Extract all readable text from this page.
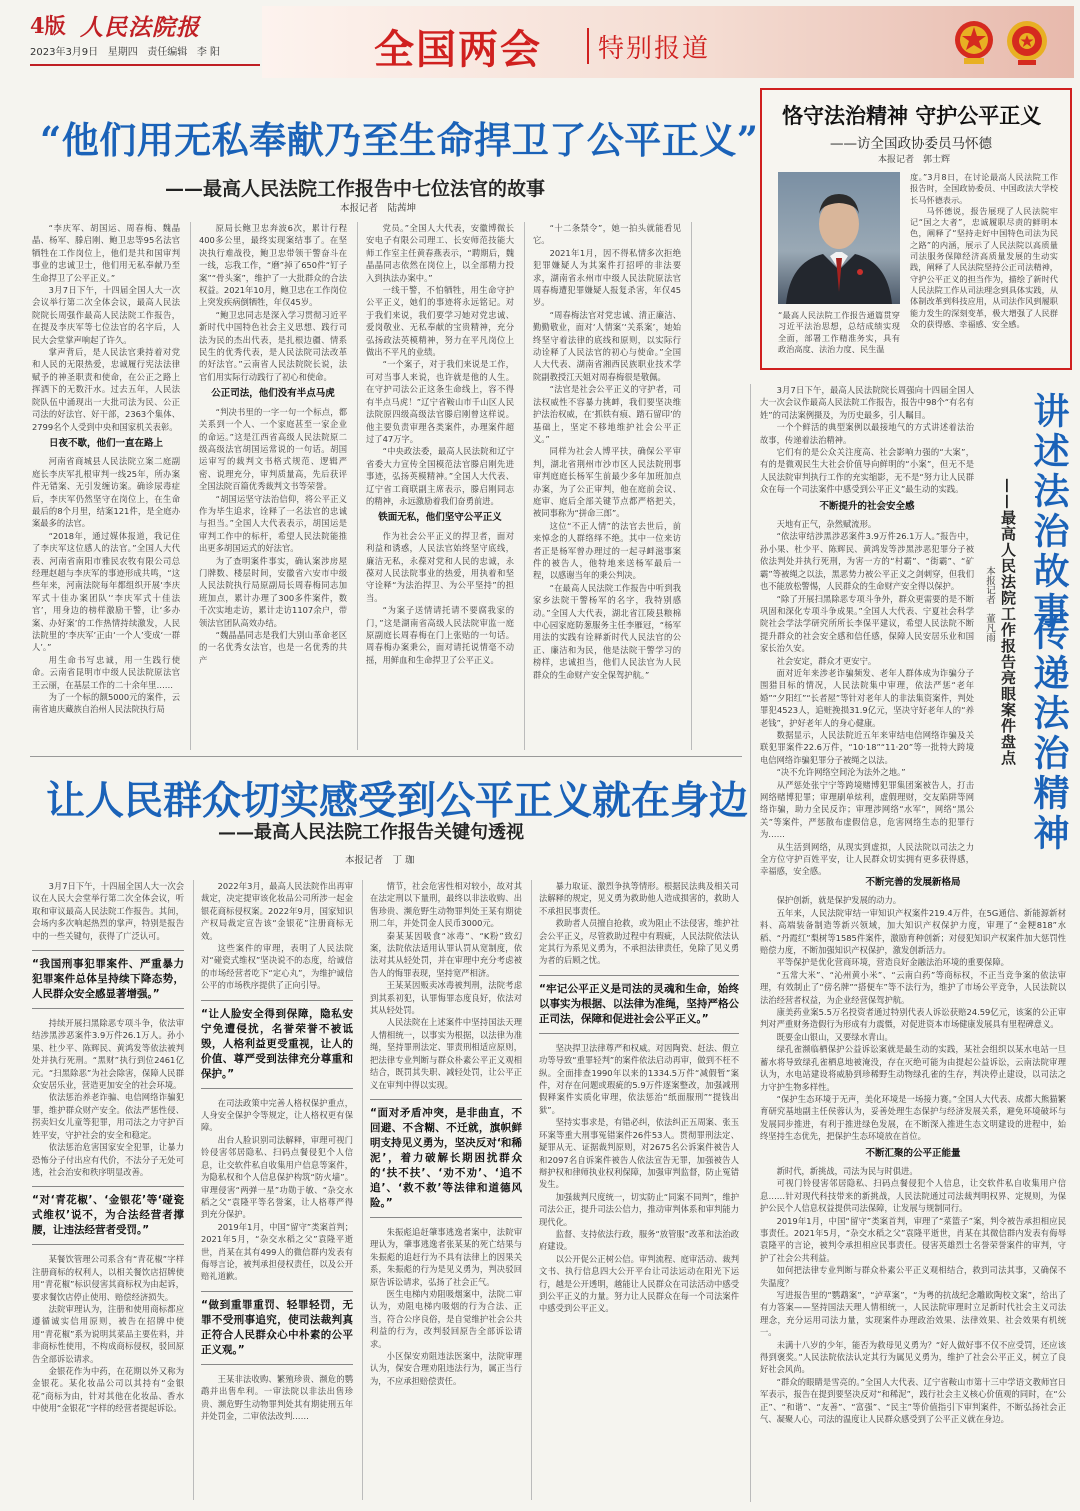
4版 人民法院报
2023年3月9日 星期四 责任编辑 李 阳	全国两会 特别报道
“他们用无私奉献乃至生命捍卫了公平正义”
——最高人民法院工作报告中七位法官的故事
本报记者　陆茜坤

“李庆军、胡国运、周春梅、魏晶晶、杨军、滕启刚、鲍卫忠等95名法官牺牲在工作岗位上，他们是共和国审判事业的忠诚卫士，他们用无私奉献乃至生命捍卫了公平正义。”

3月7日下午，十四届全国人大一次会议举行第二次全体会议，最高人民法院院长周强作最高人民法院工作报告，在提及李庆军等七位法官的名字后，人民大会堂掌声响起了许久。

掌声背后，是人民法官秉持着对党和人民的无限热爱，忠诚履行宪法法律赋予的神圣职责和使命，在公正之路上挥洒下的无数汗水。过去五年，人民法院队伍中涌现出一大批司法为民、公正司法的好法官、好干部，2363个集体、2799名个人受到中央和国家机关表彰。

日夜不歇，他们一直在路上

河南省商城县人民法院立案二庭副庭长李庆军扎根审判一线25年，所办案件无错案、无引发缠访案。确诊尿毒症后，李庆军仍然坚守在岗位上，在生命最后的8个月里，结案121件，是全庭办案最多的法官。

“2018年，通过媒体报道，我记住了李庆军这位感人的法官。”全国人大代表、河南省南阳市雅民农牧有限公司总经理赵超与李庆军的事迹形成共鸣，“这些年来，河南法院每年都组织开展‘李庆军式十佳办案团队’‘李庆军式十佳法官’，用身边的榜样激励干警，让‘多办案、办好案’的工作热情持续激发，人民法院里的‘李庆军’正由‘一个人’变成‘一群人’。”

用生命书写忠诚，用一生践行使命。云南省昆明市中级人民法院原法官王云丽，在基层工作的二十余年里……

为了一个标的额5000元的案件，云南省迪庆藏族自治州人民法院执行局

原局长鲍卫忠奔波6次，累计行程400多公里，最终实现案结事了。在坚决执行难战役，鲍卫忠带领干警奋斗在一线，忘我工作，“磨”掉了650件“钉子案”“骨头案”，维护了一大批群众的合法权益。2021年10月，鲍卫忠在工作岗位上突发疾病倒牺牲，年仅45岁。

“鲍卫忠同志是深入学习贯彻习近平新时代中国特色社会主义思想、践行司法为民的杰出代表，是扎根边疆、情系民生的优秀代表，是人民法院司法改革的好法官。”云南省人民法院院长说，法官们用实际行动践行了初心和使命。

公正司法，他们没有半点马虎

“判决书里的一字一句一个标点，都关系到一个人、一个家庭甚至一家企业的命运。”这是江西省高级人民法院原二级高级法官胡国运常说的一句话。胡国运审写的裁判文书格式规范、逻辑严密、说理充分，审判质量高，先后获评全国法院百篇优秀裁判文书等荣誉。

“胡国运坚守法治信仰，将公平正义作为毕生追求，诠释了一名法官的忠诚与担当。”全国人大代表表示，胡国运是审判工作中的标杆，希望人民法院能推出更多胡国运式的好法官。

为了查明案件事实，确认案涉房屋门牌数、楼层时间，安徽省六安市中级人民法院执行局原副局长周春梅同志加班加点，累计办理了300多件案件，数千次实地走访，累计走访1107余户，带领法官团队高效办结。

“魏晶晶同志是我们大别山革命老区的一名优秀女法官，也是一名优秀的共产

党员。”全国人大代表，安徽博微长安电子有限公司理工、长安师范技能大师工作室主任黄春燕表示，“聘期后，魏晶晶同志依然在岗位上，以全部精力投入到执法办案中。”

一线干警，不怕牺牲，用生命守护公平正义，她们的事迹将永远铭记。对于我们来说，我们要学习她对党忠诚、爱岗敬业、无私奉献的宝贵精神，充分弘扬政法英模精神，努力在平凡岗位上做出不平凡的业绩。

“一个案子，对于我们来说是工作，可对当事人来说，也许就是他的人生。在守护司法公正这条生命线上，容不得有半点马虎！”辽宁省鞍山市千山区人民法院原四级高级法官滕启刚曾这样说。他主要负责审理各类案件，办理案件超过了47万字。

“中央政法委，最高人民法院和辽宁省委大力宣传全国模范法官滕启刚先进事迹，弘扬英模精神。”全国人大代表、辽宁省工商联副主席表示，滕启刚同志的精神，永远激励着我们奋勇前进。

铁面无私，他们坚守公平正义

作为社会公平正义的捍卫者，面对利益和诱惑，人民法官始终坚守底线，廉洁无私，永葆对党和人民的忠诚，永葆对人民法院事业的热爱，用执着和坚守诠释“为法治捍卫、为公平坚持”的担当。

“为案子送情请托请不要腐我家的门，”这是湖南省高级人民法院审监一庭原副庭长周春梅在门上张贴的一句话。周春梅办案秉公，面对请托说情毫不动摇，用鲜血和生命捍卫了公平正义。

“十二条禁令”，她一拍头就能看见它。

2021年1月，因不得私情多次拒绝犯罪嫌疑人为其案件打招呼的非法要求，湖南省永州市中级人民法院原法官周春梅遭犯罪嫌疑人报复杀害，年仅45岁。

“周春梅法官对党忠诚、清正廉洁、勤勤敬业，面对‘人情案’‘关系案’，她始终坚守着法律的底线和原则，以实际行动诠释了人民法官的初心与使命。”全国人大代表、湖南省湘西民族职业技术学院副教授江天姐对周春梅很是敬佩。

“法官是社会公平正义的守护者，司法权威性不容暴力挑衅，我们要坚决维护法治权威，在‘抓铁有痕、踏石留印’的基础上，坚定不移地维护社会公平正义。”

同样为社会人博平扶，确保公平审判，湖北省荆州市沙市区人民法院刑事审判庭庭长杨军生前最少多年加班加点办案，为了公正审判，他在庭前会议、庭审、庭后全部关键节点都严格把关，被同事称为“拼命三郎”。

这位“不正人情”的法官去世后，前来悼念的人群络绎不绝。其中一位来访者正是杨军曾办理过的一起寻衅滋事案件的被告人，他特地来送杨军最后一程，以感谢当年的秉公判决。

“在最高人民法院工作报告中听到我家乡法院干警杨军的名字，我特别感动。”全国人大代表，湖北省江陵县粮棉中心园家庭防葱服务主任李雁冠，“杨军用法的实践有诠释新时代人民法官的公正、廉洁和为民，他是法院干警学习的榜样，忠诚担当，他们人民法官为人民群众的生命财产安全保驾护航。”

恪守法治精神 守护公平正义
——访全国政协委员马怀德
本报记者　郭士辉
“最高人民法院工作报告通篇贯穿习近平法治思想，总结成绩实现全面，部署工作精准务实，具有政治高度、法治力度、民生温

度。”3月8日，在讨论最高人民法院工作报告时，全国政协委员、中国政法大学校长马怀德表示。

马怀德说，报告展现了人民法院牢记“国之大者”，忠诚履职尽责的鲜明本色，阐释了“坚持走好中国特色司法为民之路”的内涵，展示了人民法院以高质量司法服务保障经济高质量发展的生动实践，阐释了人民法院坚持公正司法精神，守护公平正义的担当作为，描绘了新时代人民法院工作从司法理念到具体实践，从体制改革到科技应用，从司法作风到履职能力发生的深刻变革，极大增强了人民群众的获得感、幸福感、安全感。

讲述法治故事
传递法治精神
——最高人民法院工作报告亮眼案件盘点
本报记者　董凡雨

3月7日下午，最高人民法院院长周强向十四届全国人大一次会议作最高人民法院工作报告，报告中98个“有名有姓”的司法案例摄及，为历史最多，引人瞩目。

一个个鲜活的典型案例以最接地气的方式讲述着法治故事，传递着法治精神。

它们有的是公众关注度高、社会影响力强的“大案”，有的是微观民生大社会价值导向鲜明的“小案”，但无不是人民法院审判执行工作的充实缩影，无不是“努力让人民群众在每一个司法案件中感受到公平正义”最生动的实践。

不断提升的社会安全感

天地有正气，杂然赋流形。

“依法审结涉黑涉恶案件3.9万件26.1万人。”报告中，孙小果、杜少平、陈辉民、黄鸿发等涉黑涉恶犯罪分子被依法判处并执行死刑，为害一方的“村霸”、“街霸”、“矿霸”等被绳之以法，黑恶势力被公平正义之剑刺穿，但我们也不能放松警惕，人民群众的生命财产安全得以保护。

“除了开展扫黑除恶专项斗争外，群众更需要的是不断巩固和深化专项斗争成果。”全国人大代表、宁夏社会科学院社会学法学研究所所长李保平建议，希望人民法院不断提升群众的社会安全感和信任感，保障人民安居乐业和国家长治久安。

社会安定，群众才更安宁。

面对近年来涉老诈骗频发、老年人群体成为诈骗分子围猎目标的情况，人民法院集中审理，依法严惩“老年婚”“夕阳红”“长者屋”等针对老年人的非法集资案件，判处罪犯4523人，追赃挽损31.9亿元，坚决守好老年人的“养老钱”，护好老年人的身心健康。

数据显示，人民法院近五年来审结电信网络诈骗及关联犯罪案件22.6万件，“10·18”“11·20”等一批特大跨境电信网络诈骗犯罪分子被绳之以法。

“决不允许网络空间沦为法外之地。”

从严惩处张宁宁等跨境赌博犯罪集团案被告人，打击网络赌博犯罪；审理刷单炫利，虚假理财，交友陷阱等网络诈骗，助力全民反诈；审理涉网络“水军”，网络“黑公关”等案件，严惩散布虚假信息，危害网络生态的犯罪行为……

从生活到网络，从现实到虚拟，人民法院以司法之力全方位守护百姓平安，让人民群众切实拥有更多获得感，幸福感，安全感。

不断完善的发展新格局

保护创新，就是保护发展的动力。

五年来，人民法院审结一审知识产权案件219.4万件，在5G通信、新能源新材料、高端装备制造等新兴领域，加大知识产权保护力度，审理了“金粳818”水稻、“丹霞红”梨树等1585件案件，激励育种创新；对侵犯知识产权案件加大惩罚性赔偿力度，不断加强知识产权保护，激发创新活力。

平等保护是优化营商环境，营造良好金融法治环境的重要保障。

“五常大米”、“沁州黄小米”、“云南白药”等商标权，不正当竞争案的依法审理，有效制止了“傍名牌”“搭便车”等不法行为，维护了市场公平竞争，人民法院以法治经营者权益，为企业经营保驾护航。

康美药业案5.5万名投资者通过特别代表人诉讼获赔24.59亿元，该案的公正审判对严重财务造假行为形成有力震慑，对促进资本市场健康发展具有里程碑意义。

既要金山银山，又要绿水青山。

绿孔雀濒临栖保护公益诉讼案就是最生动的实践，某社会组织以某水电站一旦蓄水将导致绿孔雀栖息地被淹没，存在灭绝可能为由提起公益诉讼，云南法院审理认为，水电站建设将威胁到珍稀野生动物绿孔雀的生存，判决停止建设，以司法之力守护生物多样性。

“保护生态环境于无声，美化环境是一场接力赛。”全国人大代表、成都大熊猫繁育研究基地副主任侯蓉认为，妥善处理生态保护与经济发展关系，避免环境破坏与发展同步推进，有利于推进绿色发展，在不断深入推进生态文明建设的进程中，始终坚持生态优先，把保护生态环境放在首位。

不断汇聚的公平正能量

新时代，新挑战，司法为民与时俱进。

可视门铃侵害邻居隐私、扫码点餐侵犯个人信息，让交软件私自收集用户信息……针对现代科技带来的新挑战，人民法院通过司法裁判明权界、定规则，为保护公民个人信息权益提供司法保障，让发展与规制同行。

2019年1月，中国“留守”类案首判，审理了“菜篮子”案，判令被告承担相应民事责任。2021年5月，“杂交水稻之父”袁隆平逝世，肖某在其微信群内发表有侮辱袁隆平的言论，被判令承担相应民事责任。侵害英雄烈士名誉荣誉案件的审判，守护了社会公共利益。

如何把法律专业判断与群众朴素公平正义观相结合，救到司法其事，又确保不失温度？

写进报告里的“鹦鹉案”，“泸草案”，“为粤的抗战纪念雕欧陶校文案”，给出了有力答案——坚持国法天理人情相统一，人民法院审理时立足新时代社会主义司法理念，充分运用司法力量，实现案件办理政治效果、法律效果、社会效果有机统一。

未满十八岁的少年，能否为救母见义勇为？“好人做好事不仅不应受罚，还应该得到褒奖。”人民法院依法认定其行为属见义勇为，维护了社会公平正义，树立了良好社会风尚。

“群众的眼睛是雪亮的。”全国人大代表、辽宁省鞍山市第十三中学语文教师宫日军表示，报告在提到要坚决反对“和稀泥”，践行社会主义核心价值观的同时，在“公正”、“和谐”、“友善”、“富强”、“民主”等价值指引下审判案件，不断弘扬社会正气、凝聚人心，司法的温度让人民群众感受到了公平正义就在身边。

让人民群众切实感受到公平正义就在身边
——最高人民法院工作报告关键句透视
本报记者　丁 珈

3月7日下午，十四届全国人大一次会议在人民大会堂举行第二次全体会议，听取和审议最高人民法院工作报告。其间，会场内多次响起热烈的掌声，特别是报告中的一些关键句，获得了广泛认可。

“我国刑事犯罪案件、严重暴力犯罪案件总体呈持续下降态势，人民群众安全感显著增强。”

持续开展扫黑除恶专项斗争，依法审结涉黑涉恶案件3.9万件26.1万人。孙小果、杜少平、陈辉民、黄鸿发等依法被判处并执行死刑。“黑财”执行到位2461亿元。“扫黑除恶”为社会除害，保障人民群众安居乐业，营造更加安全的社会环境。

依法惩治养老诈骗、电信网络诈骗犯罪，维护群众财产安全。依法严惩性侵、拐卖妇女儿童等犯罪，用司法之力守护百姓平安，守护社会的安全和稳定。

依法惩治危害国家安全犯罪，让暴力恐怖分子付出应有代价，不法分子无处可逃，社会治安和秩序明显改善。

“对‘青花椒’、‘金银花’等‘碰瓷式维权’说不，为合法经营者撑腰，让违法经营者受罚。”

某餐饮管理公司系含有“青花椒”字样注册商标的权利人，以相关餐饮店招牌使用“青花椒”标识侵害其商标权为由起诉，要求餐饮店停止使用、赔偿经济损失。

法院审理认为，注册和使用商标都应遵循诚实信用原则，被告在招牌中使用“青花椒”系为说明其菜品主要佐料，并非商标性使用，不构成商标侵权，驳回原告全部诉讼请求。

金银花作为中药，在花期以外又称为金银花。某化妆品公司以其持有“金银花”商标为由，针对其他在化妆品、香水中使用“金银花”字样的经营者提起诉讼。

2022年3月，最高人民法院作出再审裁定，决定提审该化妆品公司所涉一起金银花商标侵权案。2022年9月，国家知识产权局裁定宣告该“金银花”注册商标无效。

这些案件的审理，表明了人民法院对“碰瓷式维权”坚决说不的态度，给诚信的市场经营者吃下“定心丸”，为维护诚信公平的市场秩序提供了正向引导。

“让人脸安全得到保障，隐私安宁免遭侵扰，名誉荣誉不被诋毁，人格利益更受重视，让人的价值、尊严受到法律充分尊重和保护。”

在司法政策中完善人格权保护重点，人身安全保护令等规定，让人格权更有保障。

出台人脸识别司法解释，审理可视门铃侵害邻居隐私、扫码点餐侵犯个人信息，让交软件私自收集用户信息等案件，为隐私权和个人信息保护构筑“防火墙”。审理侵害“两弹一星”功勋于敏、“杂交水稻之父”袁隆平等名誉案，让人格尊严得到充分保护。

2019年1月，中国“留守”类案首判；2021年5月，“杂交水稻之父”袁隆平逝世，肖某在其有499人的微信群内发表有侮辱言论，被判承担侵权责任，以及公开赔礼道歉。

“做到重罪重罚、轻罪轻罚，无罪不受刑事追究，使司法裁判真正符合人民群众心中朴素的公平正义观。”

王某非法收购、繁殖珍贵、濒危的鹦鹉并出售牟利。一审法院以非法出售珍贵、濒危野生动物罪判处其有期徒刑五年并处罚金，二审依法改判……

情节，社会危害性相对较小，故对其在法定刑以下量刑，最终以非法收购、出售珍贵、濒危野生动物罪判处王某有期徒刑二年，并处罚金人民币3000元。

秦某某因吸食“冰毒”、“K粉”致幻案，法院依法适用认罪认罚从宽制度，依法对其从轻处罚，并在审理中充分考虑被告人的悔罪表现，坚持宽严相济。

王某某因贩卖冰毒被判刑，法院考虑到其系初犯，认罪悔罪态度良好，依法对其从轻处罚。

人民法院在上述案件中坚持国法天理人情相统一，以事实为根据，以法律为准绳，坚持罪刑法定、罪责刑相适应原则，把法律专业判断与群众朴素公平正义观相结合，既罚其失职、减轻处罚，让公平正义在审判中得以实现。

“面对矛盾冲突，是非曲直，不回避、不含糊、不迁就，旗帜鲜明支持见义勇为，坚决反对‘和稀泥’，着力破解长期困扰群众的‘扶不扶’、‘劝不劝’、‘追不追’、‘救不救’等法律和道德风险。”

朱振彪追赶肇事逃逸者案中，法院审理认为，肇事逃逸者张某某的死亡结果与朱振彪的追赶行为不具有法律上的因果关系，朱振彪的行为是见义勇为，判决驳回原告诉讼请求，弘扬了社会正气。

医生电梯内劝阻吸烟案中，法院二审认为，劝阻电梯内吸烟的行为合法、正当，符合公序良俗，是自觉维护社会公共利益的行为，改判驳回原告全部诉讼请求。

小区保安劝阻违法医案中，法院审理认为，保安合理劝阻违法行为，属正当行为，不应承担赔偿责任。

暴力取证、激烈争执等情形。根据民法典及相关司法解释的规定，见义勇为救助他人造成损害的，救助人不承担民事责任。

救助者人员擅自抢救，或为阻止不法侵害，维护社会公平正义，尽管救助过程中有瑕疵，人民法院依法认定其行为系见义勇为，不承担法律责任，免除了见义勇为者的后顾之忧。

“牢记公平正义是司法的灵魂和生命，始终以事实为根据、以法律为准绳，坚持严格公正司法，保障和促进社会公平正义。”

坚决捍卫法律尊严和权威。对因陶瓷、赶法、假立功等导致“重罪轻判”的案件依法启动再审，做到不枉不纵。全面排查1990年以来的1334.5万件“减假暂”案件，对存在问题或瑕疵的5.9万件逐案整改，加强减刑假释案件实质化审理，依法惩治“纸面服刑”“提钱出狱”。

坚持实事求是，有错必纠，依法纠正五周案、张玉环案等重大刑事冤错案件26件53人。贯彻罪刑法定、疑罪从无、证据裁判原则，对2675名公诉案件被告人和2097名自诉案件被告人依法宣告无罪，加强被告人辩护权和律师执业权利保障，加强审判监督，防止冤错发生。

加强裁判尺度统一，切实防止“同案不同判”，维护司法公正，提升司法公信力，推动审判体系和审判能力现代化。

监督、支持依法行政，服务“放管服”改革和法治政府建设。

以公开促公正树公信。审判流程、庭审活动、裁判文书、执行信息四大公开平台让司法运动在阳光下运行，越是公开透明，越能让人民群众在司法活动中感受到公平正义的力量。努力让人民群众在每一个司法案件中感受到公平正义。
